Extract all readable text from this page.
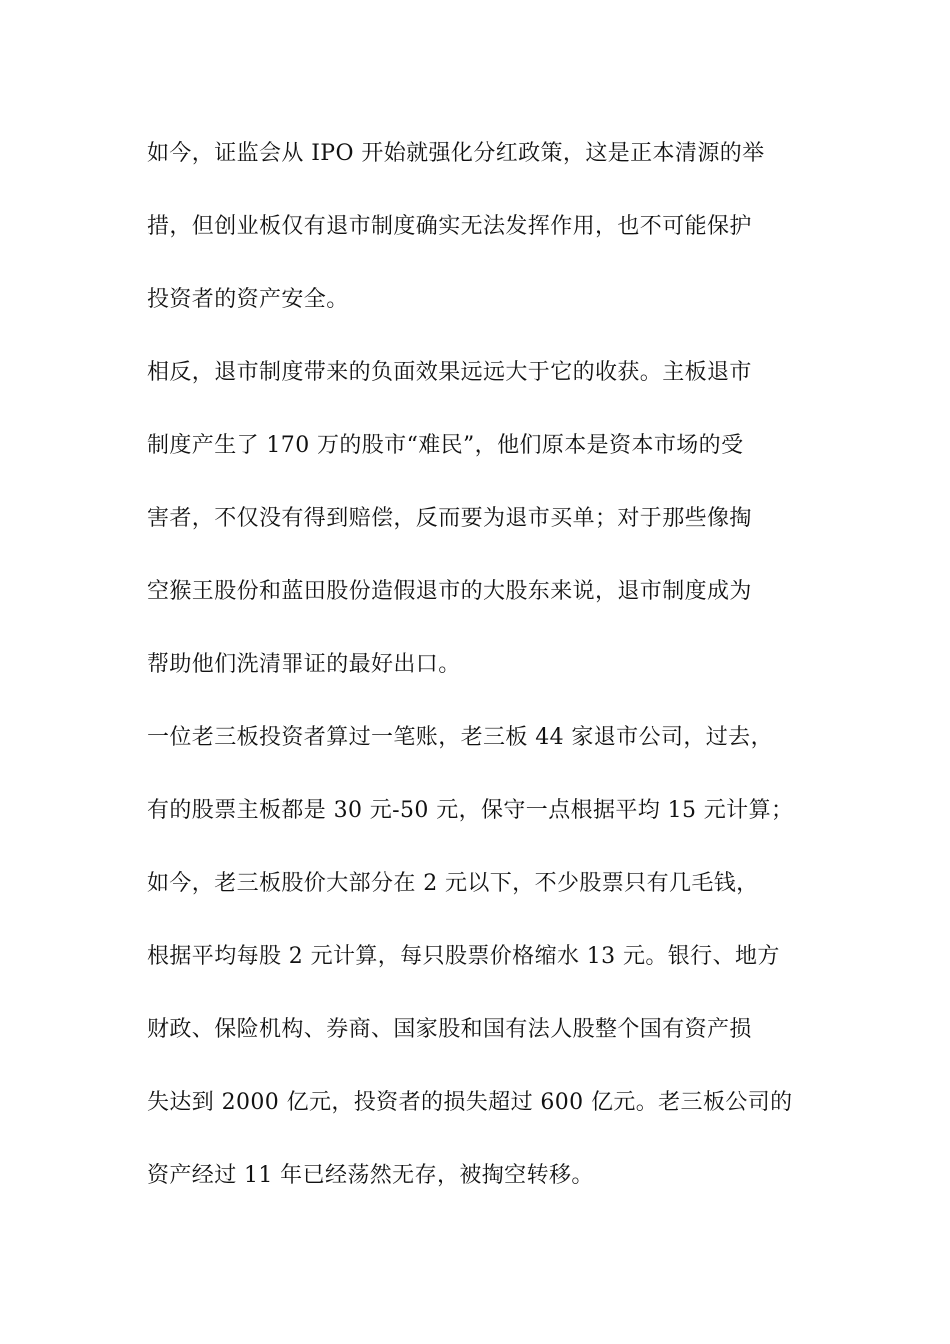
如今，证监会从 IPO 开始就强化分红政策，这是正本清源的举
措，但创业板仅有退市制度确实无法发挥作用，也不可能保护
投资者的资产安全。
相反，退市制度带来的负面效果远远大于它的收获。主板退市
制度产生了 170 万的股市“难民”，他们原本是资本市场的受
害者，不仅没有得到赔偿，反而要为退市买单；对于那些像掏
空猴王股份和蓝田股份造假退市的大股东来说，退市制度成为
帮助他们洗清罪证的最好出口。
一位老三板投资者算过一笔账，老三板 44 家退市公司，过去，
有的股票主板都是 30 元-50 元，保守一点根据平均 15 元计算；
如今，老三板股价大部分在 2 元以下，不少股票只有几毛钱，
根据平均每股 2 元计算，每只股票价格缩水 13 元。银行、地方
财政、保险机构、券商、国家股和国有法人股整个国有资产损
失达到 2000 亿元，投资者的损失超过 600 亿元。老三板公司的
资产经过 11 年已经荡然无存，被掏空转移。
